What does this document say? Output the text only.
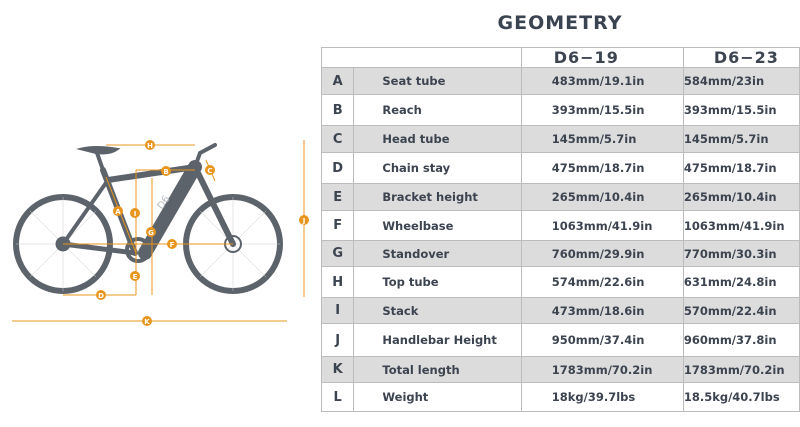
GEOMETRY
D6
A
B	C
D
E
F
G
H
I
J
K
		D6−19	D6−23
A	Seat tube	483mm/19.1in	584mm/23in
B	Reach	393mm/15.5in	393mm/15.5in
C	Head tube	145mm/5.7in	145mm/5.7in
D	Chain stay	475mm/18.7in	475mm/18.7in
E	Bracket height	265mm/10.4in	265mm/10.4in
F	Wheelbase	1063mm/41.9in	1063mm/41.9in
G	Standover	760mm/29.9in	770mm/30.3in
H	Top tube	574mm/22.6in	631mm/24.8in
I	Stack	473mm/18.6in	570mm/22.4in
J	Handlebar Height	950mm/37.4in	960mm/37.8in
K	Total length	1783mm/70.2in	1783mm/70.2in
L	Weight	18kg/39.7lbs	18.5kg/40.7lbs
